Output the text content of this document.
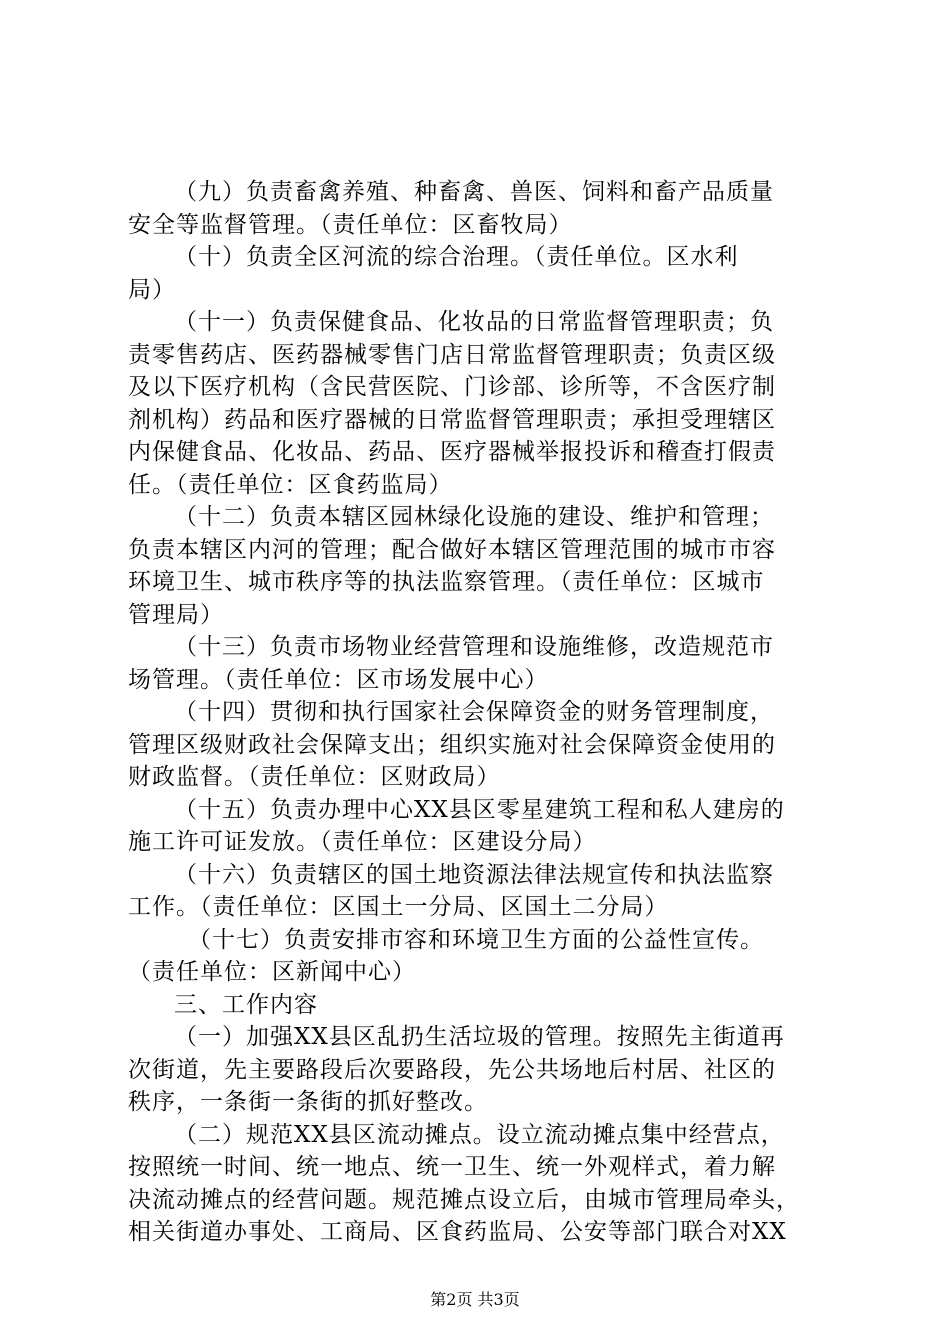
（九）负责畜禽养殖、种畜禽、兽医、饲料和畜产品质量
安全等监督管理。（责任单位：区畜牧局）
（十）负责全区河流的综合治理。（责任单位。区水利
局）
（十一）负责保健食品、化妆品的日常监督管理职责；负
责零售药店、医药器械零售门店日常监督管理职责；负责区级
及以下医疗机构（含民营医院、门诊部、诊所等，不含医疗制
剂机构）药品和医疗器械的日常监督管理职责；承担受理辖区
内保健食品、化妆品、药品、医疗器械举报投诉和稽查打假责
任。（责任单位：区食药监局）
（十二）负责本辖区园林绿化设施的建设、维护和管理；
负责本辖区内河的管理；配合做好本辖区管理范围的城市市容
环境卫生、城市秩序等的执法监察管理。（责任单位：区城市
管理局）
（十三）负责市场物业经营管理和设施维修，改造规范市
场管理。（责任单位：区市场发展中心）
（十四）贯彻和执行国家社会保障资金的财务管理制度，
管理区级财政社会保障支出；组织实施对社会保障资金使用的
财政监督。（责任单位：区财政局）
（十五）负责办理中心XX县区零星建筑工程和私人建房的
施工许可证发放。（责任单位：区建设分局）
（十六）负责辖区的国土地资源法律法规宣传和执法监察
工作。（责任单位：区国土一分局、区国土二分局）
（十七）负责安排市容和环境卫生方面的公益性宣传。
（责任单位：区新闻中心）
三、工作内容
（一）加强XX县区乱扔生活垃圾的管理。按照先主街道再
次街道，先主要路段后次要路段，先公共场地后村居、社区的
秩序，一条街一条街的抓好整改。
（二）规范XX县区流动摊点。设立流动摊点集中经营点，
按照统一时间、统一地点、统一卫生、统一外观样式，着力解
决流动摊点的经营问题。规范摊点设立后，由城市管理局牵头，
相关街道办事处、工商局、区食药监局、公安等部门联合对XX
第2页 共3页
